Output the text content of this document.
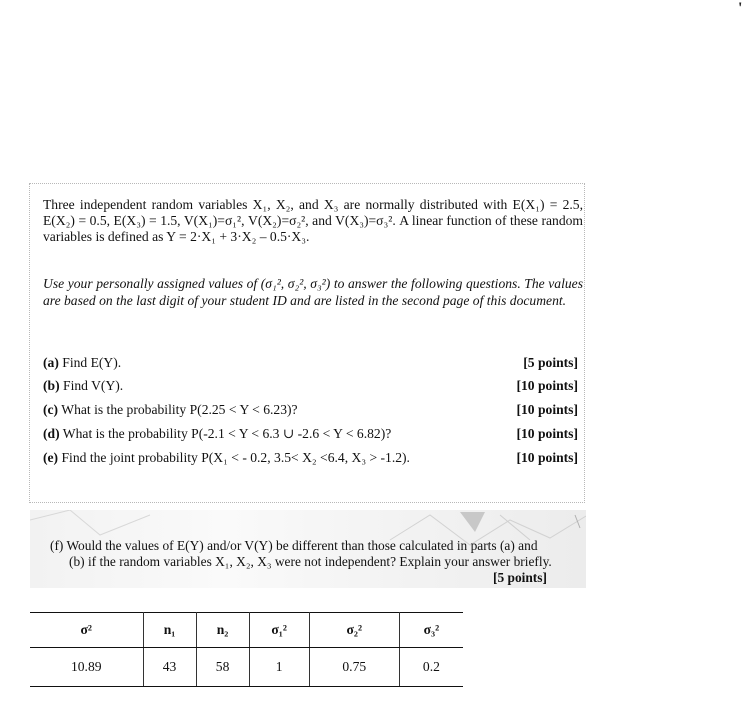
'
Three independent random variables X₁, X₂, and X₃ are normally distributed with E(X₁) = 2.5, E(X₂) = 0.5, E(X₃) = 1.5, V(X₁)=σ₁², V(X₂)=σ₂², and V(X₃)=σ₃². A linear function of these random variables is defined as Y = 2·X₁ + 3·X₂ – 0.5·X₃.
Use your personally assigned values of (σ₁², σ₂², σ₃²) to answer the following questions. The values are based on the last digit of your student ID and are listed in the second page of this document.
(a) Find E(Y).	[5 points]
(b) Find V(Y).	[10 points]
(c) What is the probability P(2.25 < Y < 6.23)?	[10 points]
(d) What is the probability P(-2.1 < Y < 6.3 ∪ -2.6 < Y < 6.82)?	[10 points]
(e) Find the joint probability P(X₁ < - 0.2, 3.5< X₂ <6.4, X₃ > -1.2).	[10 points]
(f) Would the values of E(Y) and/or V(Y) be different than those calculated in parts (a) and
(b) if the random variables X₁, X₂, X₃ were not independent? Explain your answer briefly.
[5 points]
σ²	n₁	n₂	σ₁²	σ₂²	σ₃²
10.89	43	58	1	0.75	0.2
